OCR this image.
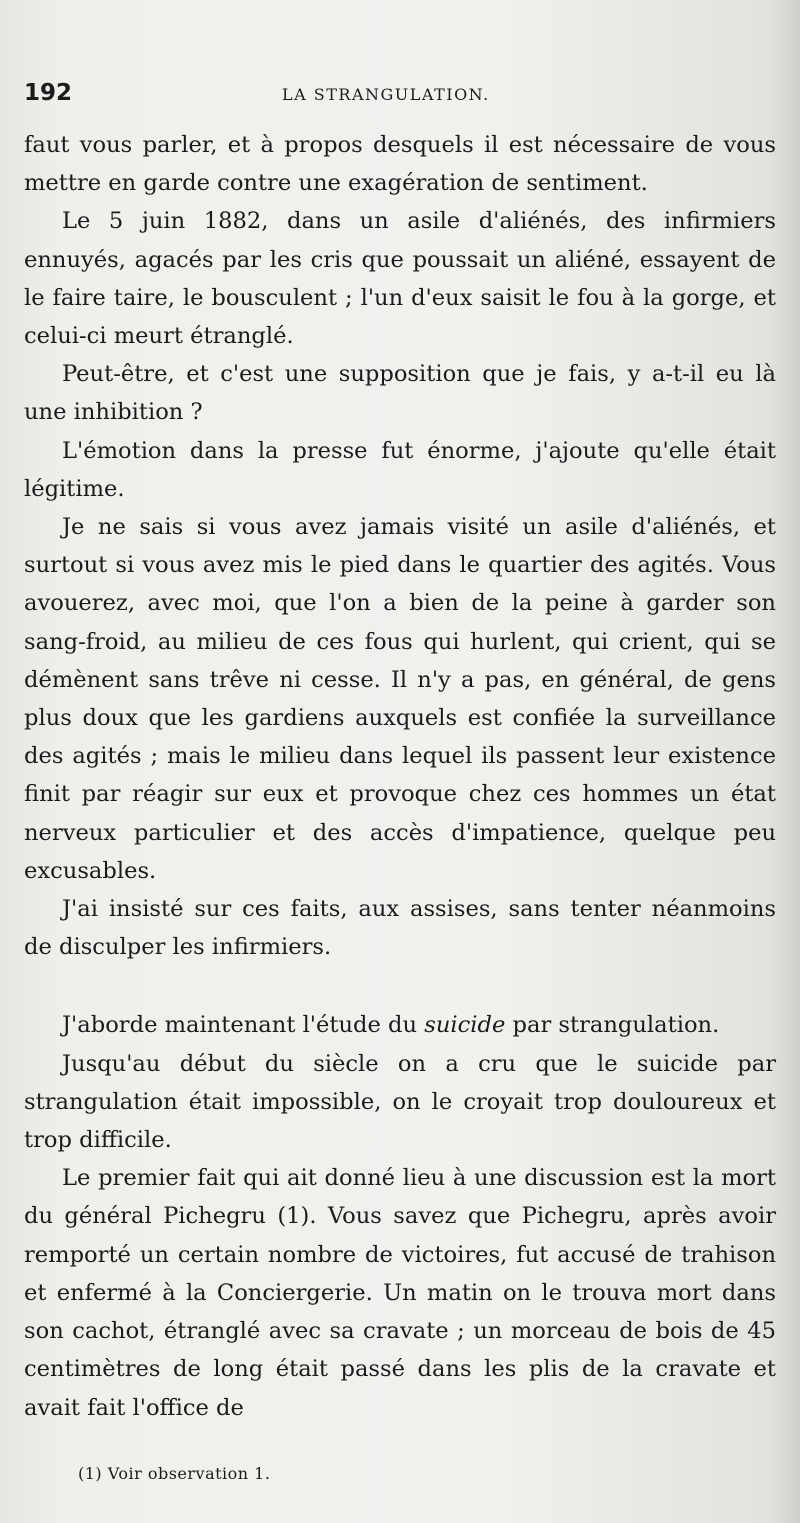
192	LA STRANGULATION.

faut vous parler, et à propos desquels il est nécessaire de vous mettre en garde contre une exagération de sentiment.

Le 5 juin 1882, dans un asile d'aliénés, des infirmiers ennuyés, agacés par les cris que poussait un aliéné, essayent de le faire taire, le bousculent ; l'un d'eux saisit le fou à la gorge, et celui-ci meurt étranglé.

Peut-être, et c'est une supposition que je fais, y a-t-il eu là une inhibition ?

L'émotion dans la presse fut énorme, j'ajoute qu'elle était légitime.

Je ne sais si vous avez jamais visité un asile d'aliénés, et surtout si vous avez mis le pied dans le quartier des agités. Vous avouerez, avec moi, que l'on a bien de la peine à garder son sang-froid, au milieu de ces fous qui hurlent, qui crient, qui se démènent sans trêve ni cesse. Il n'y a pas, en général, de gens plus doux que les gardiens auxquels est confiée la surveillance des agités ; mais le milieu dans lequel ils passent leur existence finit par réagir sur eux et provoque chez ces hommes un état nerveux particulier et des accès d'impatience, quelque peu excusables.

J'ai insisté sur ces faits, aux assises, sans tenter néanmoins de disculper les infirmiers.

J'aborde maintenant l'étude du suicide par strangulation.

Jusqu'au début du siècle on a cru que le suicide par strangulation était impossible, on le croyait trop douloureux et trop difficile.

Le premier fait qui ait donné lieu à une discussion est la mort du général Pichegru (1). Vous savez que Pichegru, après avoir remporté un certain nombre de victoires, fut accusé de trahison et enfermé à la Conciergerie. Un matin on le trouva mort dans son cachot, étranglé avec sa cravate ; un morceau de bois de 45 centimètres de long était passé dans les plis de la cravate et avait fait l'office de

(1) Voir observation 1.
